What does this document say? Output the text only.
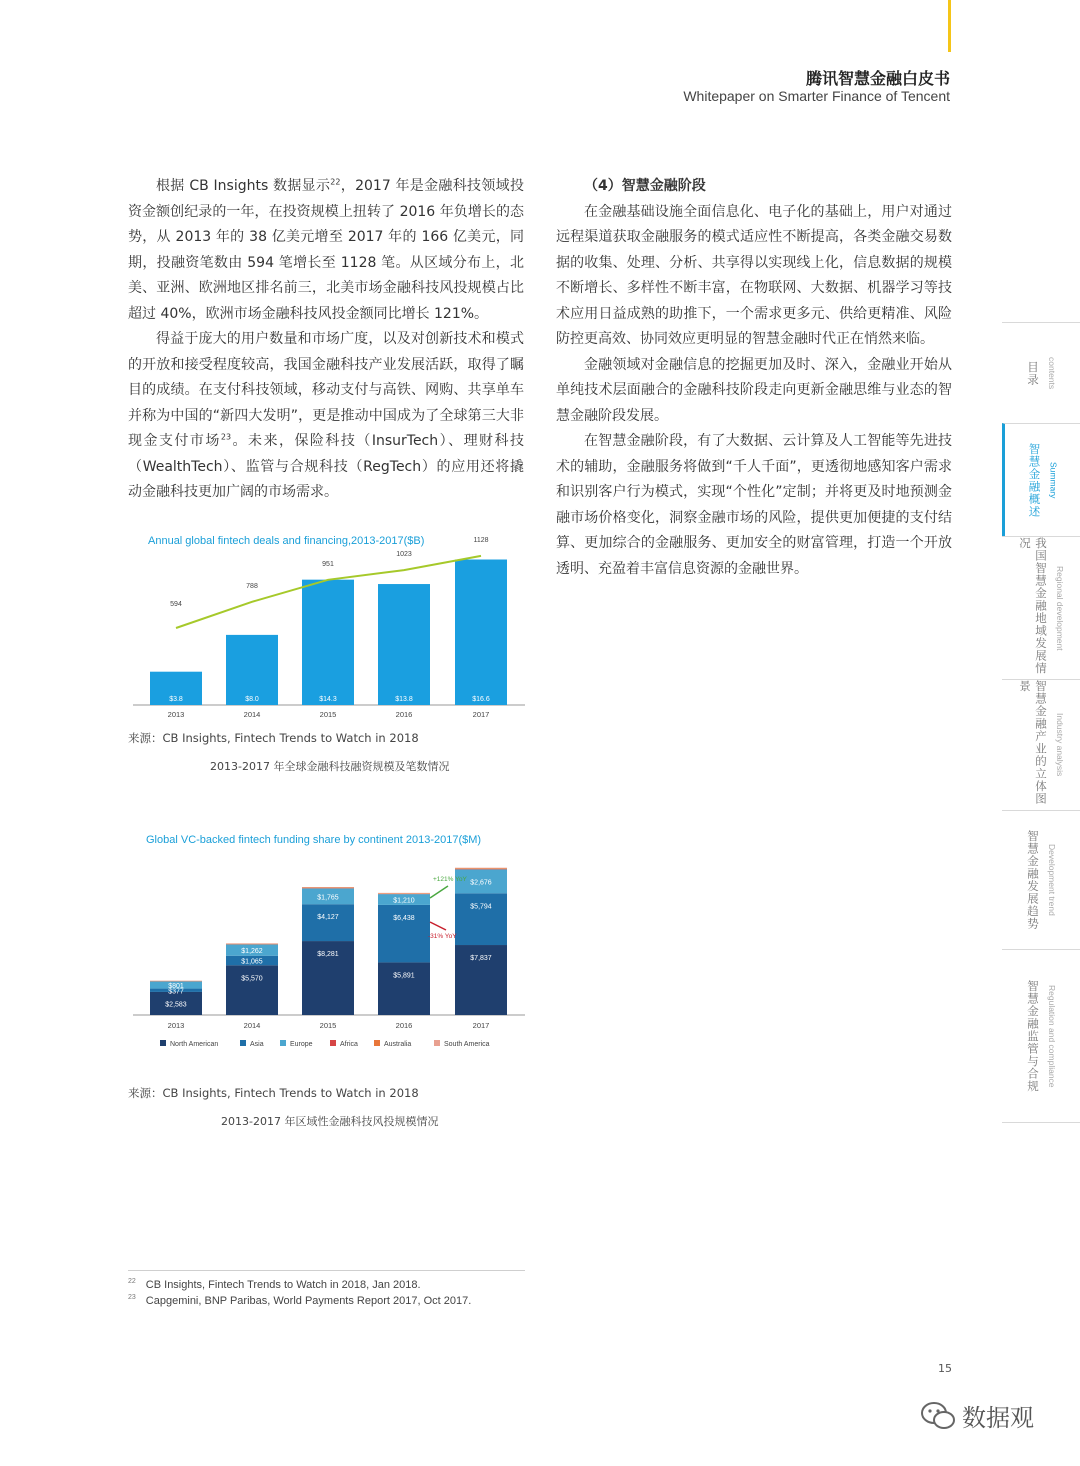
腾讯智慧金融白皮书
Whitepaper on Smarter Finance of Tencent

根据 CB Insights 数据显示$^{22}$，2017 年是金融科技领域投资金额创纪录的一年，在投资规模上扭转了 2016 年负增长的态势，从 2013 年的 38 亿美元增至 2017 年的 166 亿美元，同期，投融资笔数由 594 笔增长至 1128 笔。从区域分布上，北美、亚洲、欧洲地区排名前三，北美市场金融科技风投规模占比超过 40%，欧洲市场金融科技风投金额同比增长 121%。

得益于庞大的用户数量和市场广度，以及对创新技术和模式的开放和接受程度较高，我国金融科技产业发展活跃，取得了瞩目的成绩。在支付科技领域，移动支付与高铁、网购、共享单车并称为中国的“新四大发明”，更是推动中国成为了全球第三大非现金支付市场$^{23}$。未来，保险科技（InsurTech）、理财科技（WealthTech）、监管与合规科技（RegTech）的应用还将撬动金融科技更加广阔的市场需求。

（4）智慧金融阶段

在金融基础设施全面信息化、电子化的基础上，用户对通过远程渠道获取金融服务的模式适应性不断提高，各类金融交易数据的收集、处理、分析、共享得以实现线上化，信息数据的规模不断增长、多样性不断丰富，在物联网、大数据、机器学习等技术应用日益成熟的助推下，一个需求更多元、供给更精准、风险防控更高效、协同效应更明显的智慧金融时代正在悄然来临。

金融领域对金融信息的挖掘更加及时、深入，金融业开始从单纯技术层面融合的金融科技阶段走向更新金融思维与业态的智慧金融阶段发展。

在智慧金融阶段，有了大数据、云计算及人工智能等先进技术的辅助，金融服务将做到“千人千面”，更透彻地感知客户需求和识别客户行为模式，实现“个性化”定制；并将更及时地预测金融市场价格变化，洞察金融市场的风险，提供更加便捷的支付结算、更加综合的金融服务、更加安全的财富管理，打造一个开放透明、充盈着丰富信息资源的金融世界。

Annual global fintech deals and financing,2013-2017($B)
$3.8
2013
$8.0
2014
$14.3
2015
$13.8
2016
$16.6
2017
594
788
951
1023
1128
来源：CB Insights, Fintech Trends to Watch in 2018
2013-2017 年全球金融科技融资规模及笔数情况
Global VC-backed fintech funding share by continent 2013-2017($M)
$2,583
$377
$801
2013
$5,570
$1,065
$1,262
2014
$8,281
$4,127
$1,765
2015
$5,891
$6,438
$1,210
2016
$7,837
$5,794
$2,676
2017
+121% YoY
-31% YoY
North American	Asia	Europe	Africa	Australia	South America
来源：CB Insights, Fintech Trends to Watch in 2018
2013-2017 年区域性金融科技风投规模情况
$^{22}$ CB Insights, Fintech Trends to Watch in 2018, Jan 2018.
$^{23}$ Capgemini, BNP Paribas, World Payments Report 2017, Oct 2017.
15
数据观
目录 contents
智慧金融概述 Summary
我国智慧金融地域发展情况
Regional development
智慧金融产业的立体图景
Industry analysis
智慧金融发展趋势 Development trend
智慧金融监管与合规 Regulation and compliance
